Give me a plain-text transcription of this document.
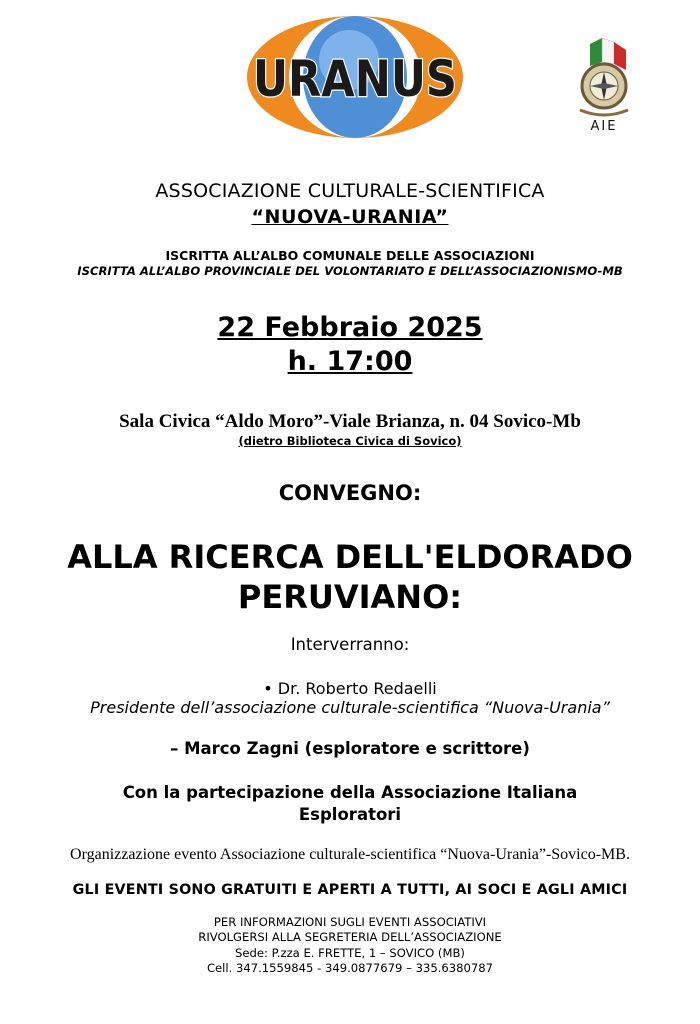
URANUS
AIE
ASSOCIAZIONE CULTURALE-SCIENTIFICA
“NUOVA-URANIA”
ISCRITTA ALL’ALBO COMUNALE DELLE ASSOCIAZIONI
ISCRITTA ALL’ALBO PROVINCIALE DEL VOLONTARIATO E DELL’ASSOCIAZIONISMO-MB
22 Febbraio 2025
h. 17:00
Sala Civica “Aldo Moro”-Viale Brianza, n. 04 Sovico-Mb
(dietro Biblioteca Civica di Sovico)
CONVEGNO:
ALLA RICERCA DELL'ELDORADO
PERUVIANO:
Interverranno:
• Dr. Roberto Redaelli
Presidente dell’associazione culturale-scientifica “Nuova-Urania”
– Marco Zagni (esploratore e scrittore)
Con la partecipazione della Associazione Italiana
Esploratori
Organizzazione evento Associazione culturale-scientifica “Nuova-Urania”-Sovico-MB.
GLI EVENTI SONO GRATUITI E APERTI A TUTTI, AI SOCI E AGLI AMICI
PER INFORMAZIONI SUGLI EVENTI ASSOCIATIVI
RIVOLGERSI ALLA SEGRETERIA DELL’ASSOCIAZIONE
Sede: P.zza E. FRETTE, 1 – SOVICO (MB)
Cell. 347.1559845 - 349.0877679 – 335.6380787
